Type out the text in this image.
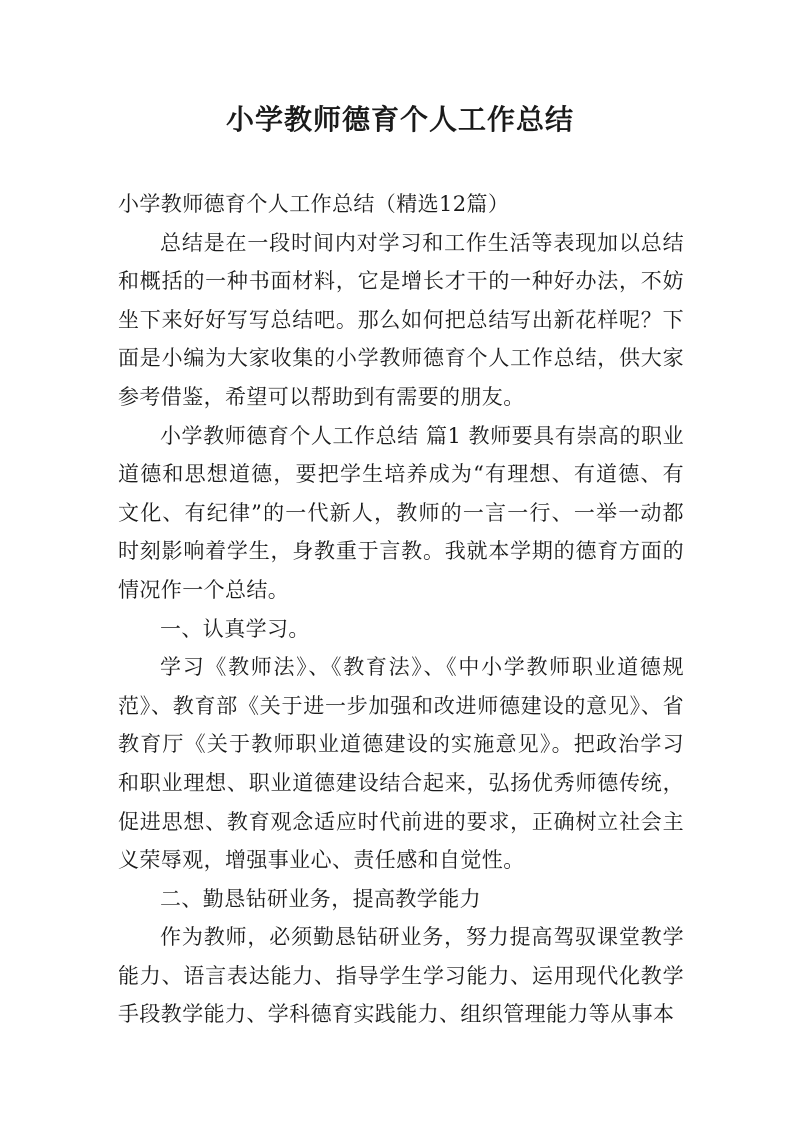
小学教师德育个人工作总结

小学教师德育个人工作总结（精选12篇）

总结是在一段时间内对学习和工作生活等表现加以总结和概括的一种书面材料，它是增长才干的一种好办法，不妨坐下来好好写写总结吧。那么如何把总结写出新花样呢？下面是小编为大家收集的小学教师德育个人工作总结，供大家参考借鉴，希望可以帮助到有需要的朋友。

小学教师德育个人工作总结 篇1 教师要具有崇高的职业道德和思想道德，要把学生培养成为“有理想、有道德、有文化、有纪律”的一代新人，教师的一言一行、一举一动都时刻影响着学生，身教重于言教。我就本学期的德育方面的情况作一个总结。

一、认真学习。

学习《教师法》、《教育法》、《中小学教师职业道德规范》、教育部《关于进一步加强和改进师德建设的意见》、省教育厅《关于教师职业道德建设的实施意见》。把政治学习和职业理想、职业道德建设结合起来，弘扬优秀师德传统，促进思想、教育观念适应时代前进的要求，正确树立社会主义荣辱观，增强事业心、责任感和自觉性。

二、勤恳钻研业务，提高教学能力

作为教师，必须勤恳钻研业务，努力提高驾驭课堂教学能力、语言表达能力、指导学生学习能力、运用现代化教学手段教学能力、学科德育实践能力、组织管理能力等从事本
